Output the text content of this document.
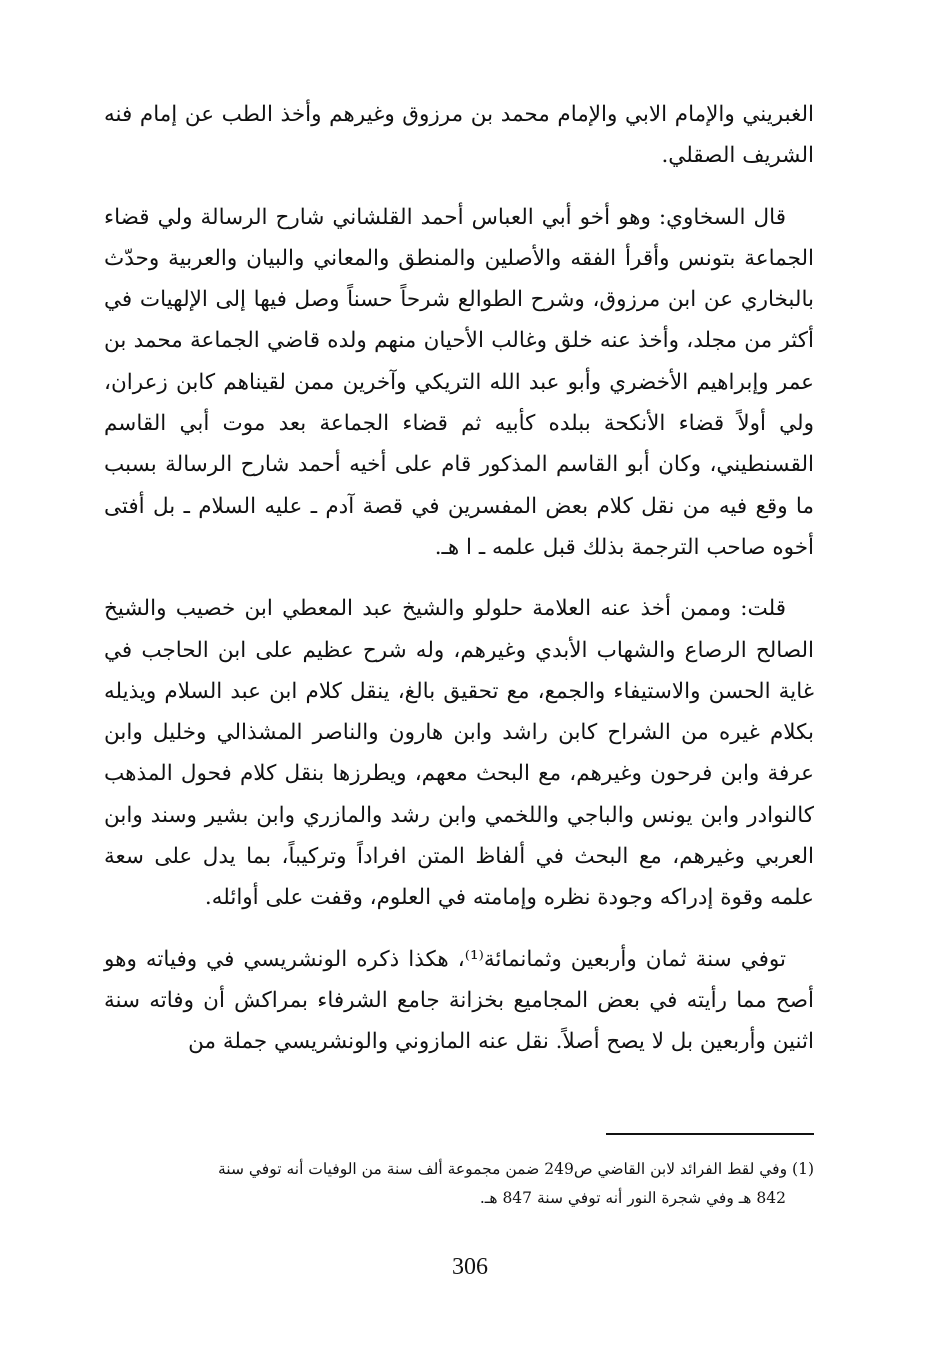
الغبريني والإمام الابي والإمام محمد بن مرزوق وغيرهم وأخذ الطب عن إمام فنه الشريف الصقلي.

قال السخاوي: وهو أخو أبي العباس أحمد القلشاني شارح الرسالة ولي قضاء الجماعة بتونس وأقرأ الفقه والأصلين والمنطق والمعاني والبيان والعربية وحدّث بالبخاري عن ابن مرزوق، وشرح الطوالع شرحاً حسناً وصل فيها إلى الإلهيات في أكثر من مجلد، وأخذ عنه خلق وغالب الأحيان منهم ولده قاضي الجماعة محمد بن عمر وإبراهيم الأخضري وأبو عبد الله التريكي وآخرين ممن لقيناهم كابن زعران، ولي أولاً قضاء الأنكحة ببلده كأبيه ثم قضاء الجماعة بعد موت أبي القاسم القسنطيني، وكان أبو القاسم المذكور قام على أخيه أحمد شارح الرسالة بسبب ما وقع فيه من نقل كلام بعض المفسرين في قصة آدم ـ عليه السلام ـ بل أفتى أخوه صاحب الترجمة بذلك قبل علمه ـ ا هـ.

قلت: وممن أخذ عنه العلامة حلولو والشيخ عبد المعطي ابن خصيب والشيخ الصالح الرصاع والشهاب الأبدي وغيرهم، وله شرح عظيم على ابن الحاجب في غاية الحسن والاستيفاء والجمع، مع تحقيق بالغ، ينقل كلام ابن عبد السلام ويذيله بكلام غيره من الشراح كابن راشد وابن هارون والناصر المشذالي وخليل وابن عرفة وابن فرحون وغيرهم، مع البحث معهم، ويطرزها بنقل كلام فحول المذهب كالنوادر وابن يونس والباجي واللخمي وابن رشد والمازري وابن بشير وسند وابن العربي وغيرهم، مع البحث في ألفاظ المتن افراداً وتركيباً، بما يدل على سعة علمه وقوة إدراكه وجودة نظره وإمامته في العلوم، وقفت على أوائله.

توفي سنة ثمان وأربعين وثمانمائة⁽¹⁾، هكذا ذكره الونشريسي في وفياته وهو أصح مما رأيته في بعض المجاميع بخزانة جامع الشرفاء بمراكش أن وفاته سنة اثنين وأربعين بل لا يصح أصلاً. نقل عنه المازوني والونشريسي جملة من

(1) وفي لقط الفرائد لابن القاضي ص249 ضمن مجموعة ألف سنة من الوفيات أنه توفي سنة

842 هـ وفي شجرة النور أنه توفي سنة 847 هـ.

306
